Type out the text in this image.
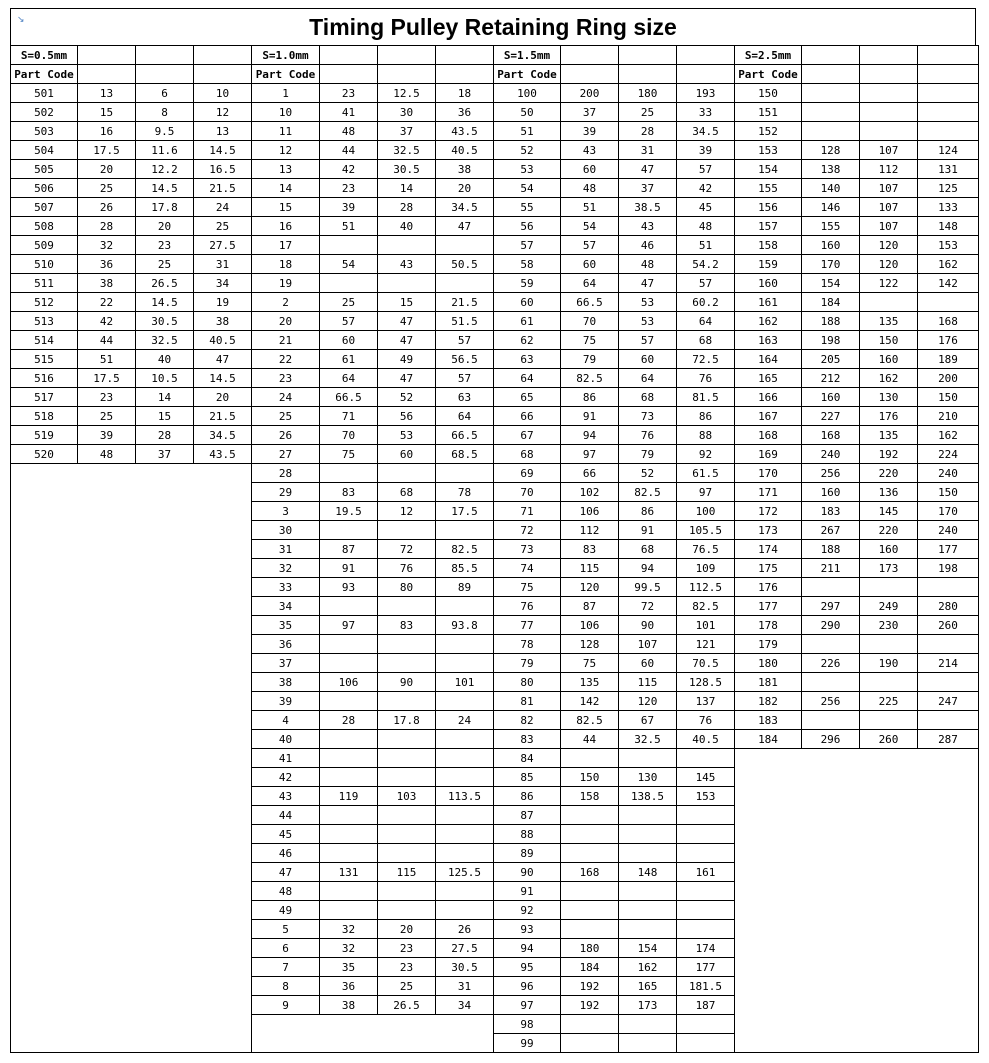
↘	Timing Pulley Retaining Ring size
S=0.5mm				S=1.0mm				S=1.5mm				S=2.5mm			
Part Code				Part Code				Part Code				Part Code			
501	13	6	10	1	23	12.5	18	100	200	180	193	150			
502	15	8	12	10	41	30	36	50	37	25	33	151			
503	16	9.5	13	11	48	37	43.5	51	39	28	34.5	152			
504	17.5	11.6	14.5	12	44	32.5	40.5	52	43	31	39	153	128	107	124
505	20	12.2	16.5	13	42	30.5	38	53	60	47	57	154	138	112	131
506	25	14.5	21.5	14	23	14	20	54	48	37	42	155	140	107	125
507	26	17.8	24	15	39	28	34.5	55	51	38.5	45	156	146	107	133
508	28	20	25	16	51	40	47	56	54	43	48	157	155	107	148
509	32	23	27.5	17				57	57	46	51	158	160	120	153
510	36	25	31	18	54	43	50.5	58	60	48	54.2	159	170	120	162
511	38	26.5	34	19				59	64	47	57	160	154	122	142
512	22	14.5	19	2	25	15	21.5	60	66.5	53	60.2	161	184		
513	42	30.5	38	20	57	47	51.5	61	70	53	64	162	188	135	168
514	44	32.5	40.5	21	60	47	57	62	75	57	68	163	198	150	176
515	51	40	47	22	61	49	56.5	63	79	60	72.5	164	205	160	189
516	17.5	10.5	14.5	23	64	47	57	64	82.5	64	76	165	212	162	200
517	23	14	20	24	66.5	52	63	65	86	68	81.5	166	160	130	150
518	25	15	21.5	25	71	56	64	66	91	73	86	167	227	176	210
519	39	28	34.5	26	70	53	66.5	67	94	76	88	168	168	135	162
520	48	37	43.5	27	75	60	68.5	68	97	79	92	169	240	192	224
				28				69	66	52	61.5	170	256	220	240
				29	83	68	78	70	102	82.5	97	171	160	136	150
				3	19.5	12	17.5	71	106	86	100	172	183	145	170
				30				72	112	91	105.5	173	267	220	240
				31	87	72	82.5	73	83	68	76.5	174	188	160	177
				32	91	76	85.5	74	115	94	109	175	211	173	198
				33	93	80	89	75	120	99.5	112.5	176			
				34				76	87	72	82.5	177	297	249	280
				35	97	83	93.8	77	106	90	101	178	290	230	260
				36				78	128	107	121	179			
				37				79	75	60	70.5	180	226	190	214
				38	106	90	101	80	135	115	128.5	181			
				39				81	142	120	137	182	256	225	247
				4	28	17.8	24	82	82.5	67	76	183			
				40				83	44	32.5	40.5	184	296	260	287
				41				84							
				42				85	150	130	145				
				43	119	103	113.5	86	158	138.5	153				
				44				87							
				45				88							
				46				89							
				47	131	115	125.5	90	168	148	161				
				48				91							
				49				92							
				5	32	20	26	93							
				6	32	23	27.5	94	180	154	174				
				7	35	23	30.5	95	184	162	177				
				8	36	25	31	96	192	165	181.5				
				9	38	26.5	34	97	192	173	187				
								98							
								99							
